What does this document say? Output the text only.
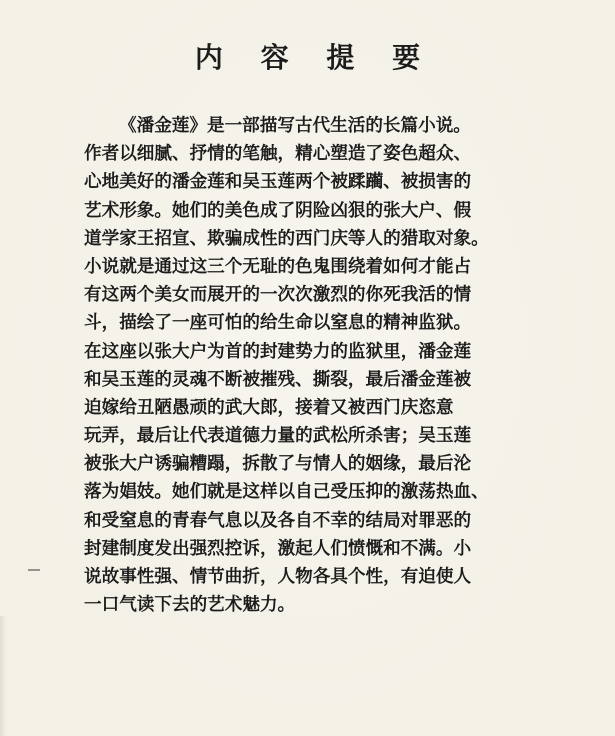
内 容 提 要
《潘金莲》是一部描写古代生活的长篇小说。
作者以细腻、抒情的笔触，精心塑造了姿色超众、
心地美好的潘金莲和吴玉莲两个被蹂躏、被损害的
艺术形象。她们的美色成了阴险凶狠的张大户、假
道学家王招宣、欺骗成性的西门庆等人的猎取对象。
小说就是通过这三个无耻的色鬼围绕着如何才能占
有这两个美女而展开的一次次激烈的你死我活的情
斗，描绘了一座可怕的给生命以窒息的精神监狱。
在这座以张大户为首的封建势力的监狱里，潘金莲
和吴玉莲的灵魂不断被摧残、撕裂，最后潘金莲被
迫嫁给丑陋愚顽的武大郎，接着又被西门庆恣意
玩弄，最后让代表道德力量的武松所杀害；吴玉莲
被张大户诱骗糟蹋，拆散了与情人的姻缘，最后沦
落为娼妓。她们就是这样以自己受压抑的激荡热血、
和受窒息的青春气息以及各自不幸的结局对罪恶的
封建制度发出强烈控诉，激起人们愤慨和不满。小
说故事性强、情节曲折，人物各具个性，有迫使人
一口气读下去的艺术魅力。
